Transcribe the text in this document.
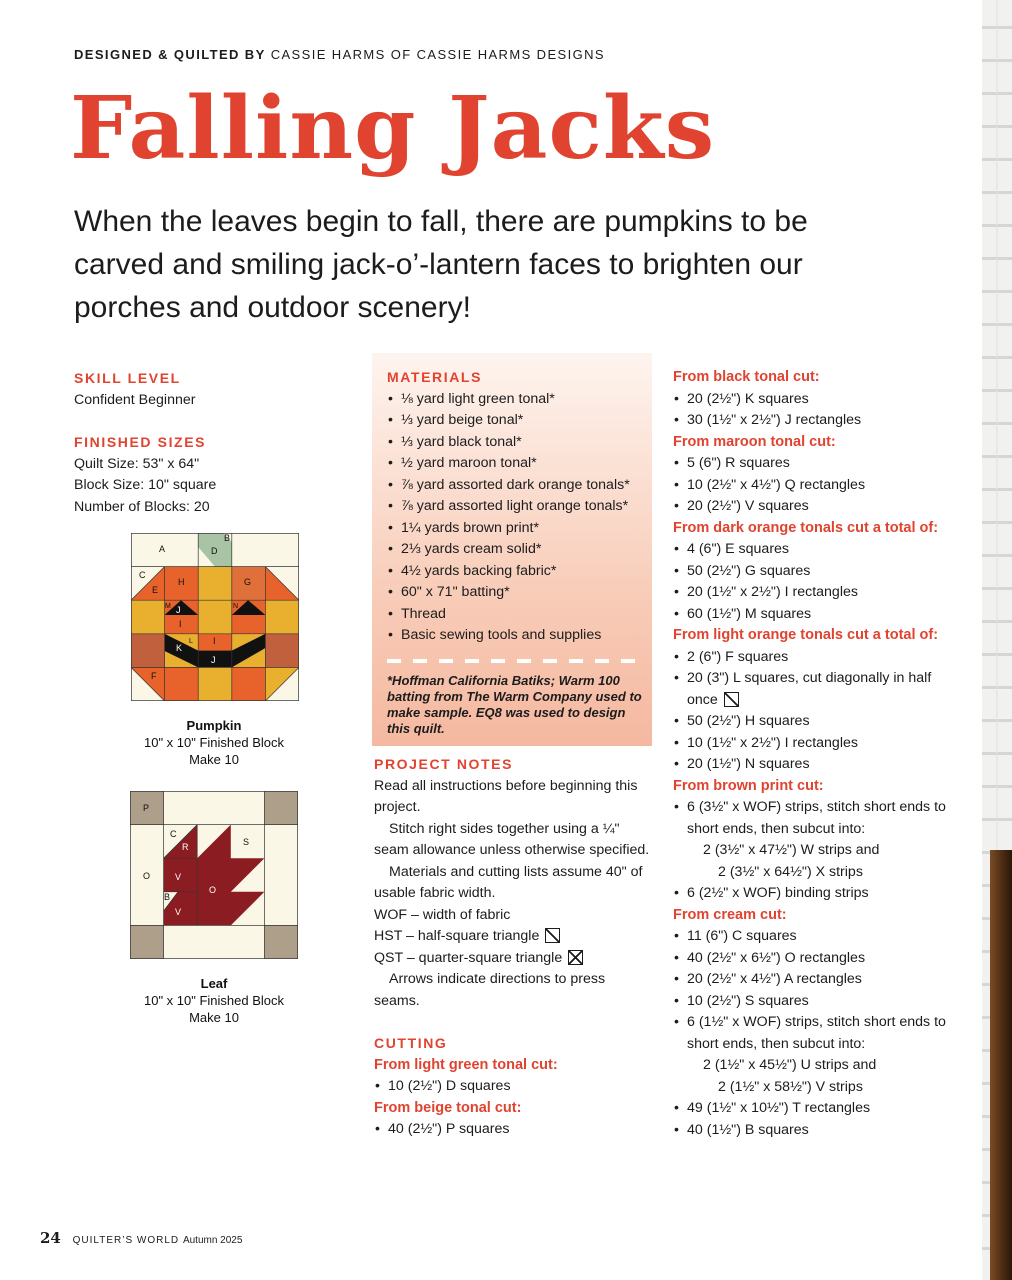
DESIGNED & QUILTED BY CASSIE HARMS OF CASSIE HARMS DESIGNS
Falling Jacks
When the leaves begin to fall, there are pumpkins to be carved and smiling jack-o’-lantern faces to brighten our porches and outdoor scenery!
SKILL LEVEL
Confident Beginner
FINISHED SIZES
Quilt Size: 53" x 64"
Block Size: 10" square
Number of Blocks: 20
A	D
B
C
E
H	G
M J	N
L
I
I
K
J
F
Pumpkin
10" x 10" Finished Block
Make 10
P
C
R	S
O	V
O
B
V
Leaf
10" x 10" Finished Block
Make 10
MATERIALS
• ⅛ yard light green tonal*
• ⅓ yard beige tonal*
• ⅓ yard black tonal*
• ½ yard maroon tonal*
• ⅞ yard assorted dark orange tonals*
• ⅞ yard assorted light orange tonals*
• 1¼ yards brown print*
• 2⅓ yards cream solid*
• 4½ yards backing fabric*
• 60" x 71" batting*
• Thread
• Basic sewing tools and supplies
*Hoffman California Batiks; Warm 100 batting from The Warm Company used to make sample. EQ8 was used to design this quilt.
PROJECT NOTES
Read all instructions before beginning this project.
Stitch right sides together using a ¼" seam allowance unless otherwise specified.
Materials and cutting lists assume 40" of usable fabric width.
WOF – width of fabric
HST – half-square triangle
QST – quarter-square triangle
Arrows indicate directions to press seams.
CUTTING
From light green tonal cut:
• 10 (2½") D squares
From beige tonal cut:
• 40 (2½") P squares
From black tonal cut:
• 20 (2½") K squares
• 30 (1½" x 2½") J rectangles
From maroon tonal cut:
• 5 (6") R squares
• 10 (2½" x 4½") Q rectangles
• 20 (2½") V squares
From dark orange tonals cut a total of:
• 4 (6") E squares
• 50 (2½") G squares
• 20 (1½" x 2½") I rectangles
• 60 (1½") M squares
From light orange tonals cut a total of:
• 2 (6") F squares
• 20 (3") L squares, cut diagonally in half once
• 50 (2½") H squares
• 10 (1½" x 2½") I rectangles
• 20 (1½") N squares
From brown print cut:
• 6 (3½" x WOF) strips, stitch short ends to short ends, then subcut into:
2 (3½" x 47½") W strips and
2 (3½" x 64½") X strips
• 6 (2½" x WOF) binding strips
From cream cut:
• 11 (6") C squares
• 40 (2½" x 6½") O rectangles
• 20 (2½" x 4½") A rectangles
• 10 (2½") S squares
• 6 (1½" x WOF) strips, stitch short ends to short ends, then subcut into:
2 (1½" x 45½") U strips and
2 (1½" x 58½") V strips
• 49 (1½" x 10½") T rectangles
• 40 (1½") B squares
24 QUILTER’S WORLD Autumn 2025
